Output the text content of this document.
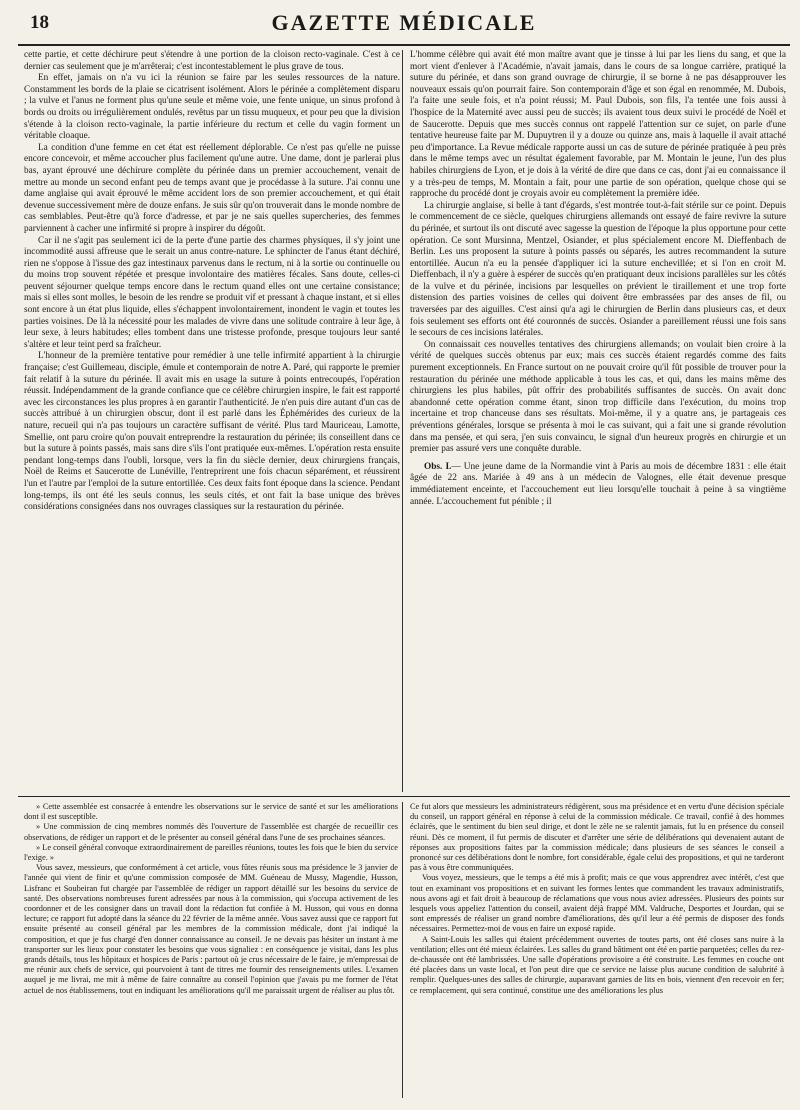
18	GAZETTE MÉDICALE

cette partie, et cette déchirure peut s'étendre à une portion de la cloison recto-vaginale. C'est à ce dernier cas seulement que je m'arrêterai; c'est incontestablement le plus grave de tous.

En effet, jamais on n'a vu ici la réunion se faire par les seules ressources de la nature. Constamment les bords de la plaie se cicatrisent isolément. Alors le périnée a complètement disparu ; la vulve et l'anus ne forment plus qu'une seule et même voie, une fente unique, un sinus profond à bords ou droits ou irrégulièrement ondulés, revêtus par un tissu muqueux, et pour peu que la division s'étende à la cloison recto-vaginale, la partie inférieure du rectum et celle du vagin forment un véritable cloaque.

La condition d'une femme en cet état est réellement déplorable. Ce n'est pas qu'elle ne puisse encore concevoir, et même accoucher plus facilement qu'une autre. Une dame, dont je parlerai plus bas, ayant éprouvé une déchirure complète du périnée dans un premier accouchement, venait de mettre au monde un second enfant peu de temps avant que je procédasse à la suture. J'ai connu une dame anglaise qui avait éprouvé le même accident lors de son premier accouchement, et qui était devenue successivement mère de douze enfans. Je suis sûr qu'on trouverait dans le monde nombre de cas semblables. Peut-être qu'à force d'adresse, et par je ne sais quelles supercheries, des femmes parviennent à cacher une infirmité si propre à inspirer du dégoût.

Car il ne s'agit pas seulement ici de la perte d'une partie des charmes physiques, il s'y joint une incommodité aussi affreuse que le serait un anus contre-nature. Le sphincter de l'anus étant déchiré, rien ne s'oppose à l'issue des gaz intestinaux parvenus dans le rectum, ni à la sortie ou continuelle ou du moins trop souvent répétée et presque involontaire des matières fécales. Sans doute, celles-ci peuvent séjourner quelque temps encore dans le rectum quand elles ont une certaine consistance; mais si elles sont molles, le besoin de les rendre se produit vif et pressant à chaque instant, et si elles sont encore à un état plus liquide, elles s'échappent involontairement, inondent le vagin et toutes les parties voisines. De là la nécessité pour les malades de vivre dans une solitude contraire à leur âge, à leur sexe, à leurs habitudes; elles tombent dans une tristesse profonde, presque toujours leur santé s'altère et leur teint perd sa fraîcheur.

L'honneur de la première tentative pour remédier à une telle infirmité appartient à la chirurgie française; c'est Guillemeau, disciple, émule et contemporain de notre A. Paré, qui rapporte le premier fait relatif à la suture du périnée. Il avait mis en usage la suture à points entrecoupés, l'opération réussit. Indépendamment de la grande confiance que ce célèbre chirurgien inspire, le fait est rapporté avec les circonstances les plus propres à en garantir l'authenticité. Je n'en puis dire autant d'un cas de succès attribué à un chirurgien obscur, dont il est parlé dans les Éphémérides des curieux de la nature, recueil qui n'a pas toujours un caractère suffisant de vérité. Plus tard Mauriceau, Lamotte, Smellie, ont paru croire qu'on pouvait entreprendre la restauration du périnée; ils conseillent dans ce but la suture à points passés, mais sans dire s'ils l'ont pratiquée eux-mêmes. L'opération resta ensuite pendant long-temps dans l'oubli, lorsque, vers la fin du siècle dernier, deux chirurgiens français, Noël de Reims et Saucerotte de Lunéville, l'entreprirent une fois chacun séparément, et réussirent l'un et l'autre par l'emploi de la suture entortillée. Ces deux faits font époque dans la science. Pendant long-temps, ils ont été les seuls connus, les seuls cités, et ont fait la base unique des brèves considérations consignées dans nos ouvrages classiques sur la restauration du périnée.

L'homme célèbre qui avait été mon maître avant que je tinsse à lui par les liens du sang, et que la mort vient d'enlever à l'Académie, n'avait jamais, dans le cours de sa longue carrière, pratiqué la suture du périnée, et dans son grand ouvrage de chirurgie, il se borne à ne pas désapprouver les nouveaux essais qu'on pourrait faire. Son contemporain d'âge et son égal en renommée, M. Dubois, l'a faite une seule fois, et n'a point réussi; M. Paul Dubois, son fils, l'a tentée une fois aussi à l'hospice de la Maternité avec aussi peu de succès; ils avaient tous deux suivi le procédé de Noël et de Saucerotte. Depuis que mes succès connus ont rappelé l'attention sur ce sujet, on parle d'une tentative heureuse faite par M. Dupuytren il y a douze ou quinze ans, mais à laquelle il avait attaché peu d'importance. La Revue médicale rapporte aussi un cas de suture de périnée pratiquée à peu près dans le même temps avec un résultat également favorable, par M. Montain le jeune, l'un des plus habiles chirurgiens de Lyon, et je dois à la vérité de dire que dans ce cas, dont j'ai eu connaissance il y a très-peu de temps, M. Montain a fait, pour une partie de son opération, quelque chose qui se rapproche du procédé dont je croyais avoir eu complètement la première idée.

La chirurgie anglaise, si belle à tant d'égards, s'est montrée tout-à-fait stérile sur ce point. Depuis le commencement de ce siècle, quelques chirurgiens allemands ont essayé de faire revivre la suture du périnée, et surtout ils ont discuté avec sagesse la question de l'époque la plus opportune pour cette opération. Ce sont Mursinna, Mentzel, Osiander, et plus spécialement encore M. Dieffenbach de Berlin. Les uns proposent la suture à points passés ou séparés, les autres recommandent la suture entortillée. Aucun n'a eu la pensée d'appliquer ici la suture enchevillée; et si l'on en croit M. Dieffenbach, il n'y a guère à espérer de succès qu'en pratiquant deux incisions parallèles sur les côtés de la vulve et du périnée, incisions par lesquelles on prévient le tiraillement et une trop forte distension des parties voisines de celles qui doivent être embrassées par des anses de fil, ou traversées par des aiguilles. C'est ainsi qu'a agi le chirurgien de Berlin dans plusieurs cas, et deux fois seulement ses efforts ont été couronnés de succès. Osiander a pareillement réussi une fois sans le secours de ces incisions latérales.

On connaissait ces nouvelles tentatives des chirurgiens allemands; on voulait bien croire à la vérité de quelques succès obtenus par eux; mais ces succès étaient regardés comme des faits purement exceptionnels. En France surtout on ne pouvait croire qu'il fût possible de trouver pour la restauration du périnée une méthode applicable à tous les cas, et qui, dans les mains même des chirurgiens les plus habiles, pût offrir des probabilités suffisantes de succès. On avait donc abandonné cette opération comme étant, sinon trop difficile dans l'exécution, du moins trop incertaine et trop chanceuse dans ses résultats. Moi-même, il y a quatre ans, je partageais ces préventions générales, lorsque se présenta à moi le cas suivant, qui a fait une si grande révolution dans ma pensée, et qui sera, j'en suis convaincu, le signal d'un heureux progrès en chirurgie et un premier pas assuré vers une conquête durable.

Obs. I.— Une jeune dame de la Normandie vint à Paris au mois de décembre 1831 : elle était âgée de 22 ans. Mariée à 49 ans à un médecin de Valognes, elle était devenue presque immédiatement enceinte, et l'accouchement eut lieu lorsqu'elle touchait à peine à sa vingtième année. L'accouchement fut pénible ; il

» Cette assemblée est consacrée à entendre les observations sur le service de santé et sur les améliorations dont il est susceptible.

» Une commission de cinq membres nommés dès l'ouverture de l'assemblée est chargée de recueillir ces observations, de rédiger un rapport et de le présenter au conseil général dans l'une de ses prochaines séances.

» Le conseil général convoque extraordinairement de pareilles réunions, toutes les fois que le bien du service l'exige. »

Vous savez, messieurs, que conformément à cet article, vous fûtes réunis sous ma présidence le 3 janvier de l'année qui vient de finir et qu'une commission composée de MM. Guéneau de Mussy, Magendie, Husson, Lisfranc et Soubeiran fut chargée par l'assemblée de rédiger un rapport détaillé sur les besoins du service de santé. Des observations nombreuses furent adressées par nous à la commission, qui s'occupa activement de les coordonner et de les consigner dans un travail dont la rédaction fut confiée à M. Husson, qui vous en donna lecture; ce rapport fut adopté dans la séance du 22 février de la même année. Vous savez aussi que ce rapport fut ensuite présenté au conseil général par les membres de la commission médicale, dont j'ai indiqué la composition, et que je fus chargé d'en donner connaissance au conseil. Je ne devais pas hésiter un instant à me transporter sur les lieux pour constater les besoins que vous signaliez : en conséquence je visitai, dans les plus grands détails, tous les hôpitaux et hospices de Paris : partout où je crus nécessaire de le faire, je m'empressai de me réunir aux chefs de service, qui pourvoient à tant de titres me fournir des renseignements utiles. L'examen auquel je me livrai, me mit à même de faire connaître au conseil l'opinion que j'avais pu me former de l'état actuel de nos établissemens, tout en indiquant les améliorations qu'il me paraissait urgent de réaliser au plus tôt.

Ce fut alors que messieurs les administrateurs rédigèrent, sous ma présidence et en vertu d'une décision spéciale du conseil, un rapport général en réponse à celui de la commission médicale. Ce travail, confié à des hommes éclairés, que le sentiment du bien seul dirige, et dont le zèle ne se ralentit jamais, fut lu en présence du conseil réuni. Dès ce moment, il fut permis de discuter et d'arrêter une série de délibérations qui devenaient autant de réponses aux propositions faites par la commission médicale; dans plusieurs de ses séances le conseil a prononcé sur ces délibérations dont le nombre, fort considérable, égale celui des propositions, et qui ne tarderont pas à vous être communiquées.

Vous voyez, messieurs, que le temps a été mis à profit; mais ce que vous apprendrez avec intérêt, c'est que tout en examinant vos propositions et en suivant les formes lentes que commandent les travaux administratifs, nous avons agi et fait droit à beaucoup de réclamations que vous nous aviez adressées. Plusieurs des points sur lesquels vous appeliez l'attention du conseil, avaient déjà frappé MM. Valdruche, Desportes et Jourdan, qui se sont empressés de réaliser un grand nombre d'améliorations, dès qu'il leur a été permis de disposer des fonds nécessaires. Permettez-moi de vous en faire un exposé rapide.

A Saint-Louis les salles qui étaient précédemment ouvertes de toutes parts, ont été closes sans nuire à la ventilation; elles ont été mieux éclairées. Les salles du grand bâtiment ont été en partie parquetées; celles du rez-de-chaussée ont été lambrissées. Une salle d'opérations provisoire a été construite. Les femmes en couche ont été placées dans un vaste local, et l'on peut dire que ce service ne laisse plus aucune condition de salubrité à remplir. Quelques-unes des salles de chirurgie, auparavant garnies de lits en bois, viennent d'en recevoir en fer; ce remplacement, qui sera continué, constitue une des améliorations les plus
